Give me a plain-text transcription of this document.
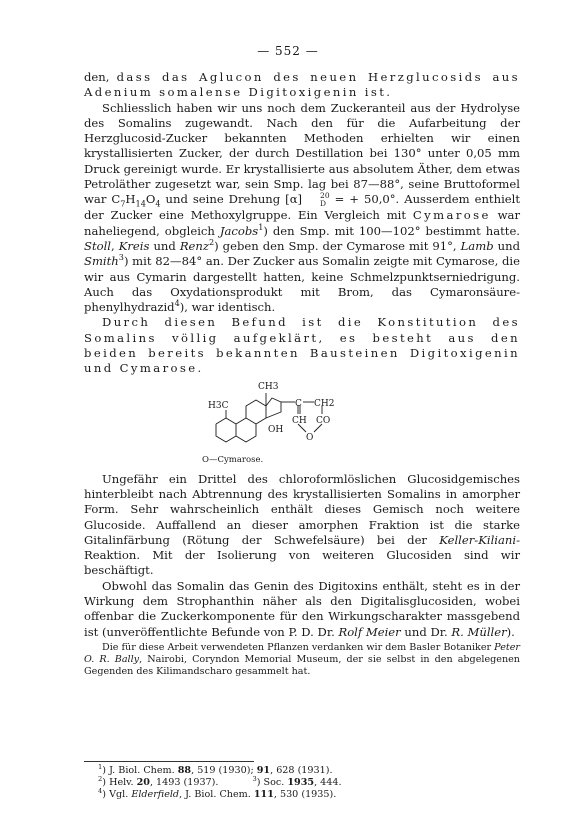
— 552 —

den, dass das Aglucon des neuen Herzglucosids aus Adenium somalense Digitoxigenin ist.

Schliesslich haben wir uns noch dem Zuckeranteil aus der Hydrolyse des Somalins zugewandt. Nach den für die Aufarbeitung der Herzglucosid-Zucker bekannten Methoden erhielten wir einen krystallisierten Zucker, der durch Destillation bei 130° unter 0,05 mm Druck gereinigt wurde. Er krystallisierte aus absolutem Äther, dem etwas Petroläther zugesetzt war, sein Smp. lag bei 87—88°, seine Bruttoformel war $C_7H_{14}O_4$ und seine Drehung [α]	20
D = + 50,0°. Ausserdem enthielt der Zucker eine Methoxylgruppe. Ein Vergleich mit Cymarose war naheliegend, obgleich Jacobs$^1$) den Smp. mit 100—102° bestimmt hatte. Stoll, Kreis und Renz$^2$) geben den Smp. der Cymarose mit 91°, Lamb und Smith$^3$) mit 82—84° an. Der Zucker aus Somalin zeigte mit Cymarose, die wir aus Cymarin dargestellt hatten, keine Schmelzpunktserniedrigung. Auch das Oxydationsprodukt mit Brom, das Cymaronsäure-phenylhydrazid$^4$), war identisch.

Durch diesen Befund ist die Konstitution des Somalins völlig aufgeklärt, es besteht aus den beiden bereits bekannten Bausteinen Digitoxigenin und Cymarose.

CH3
H3C	C CH2
CH CO
OH
O
O—Cymarose.

Ungefähr ein Drittel des chloroformlöslichen Glucosidgemisches hinterbleibt nach Abtrennung des krystallisierten Somalins in amorpher Form. Sehr wahrscheinlich enthält dieses Gemisch noch weitere Glucoside. Auffallend an dieser amorphen Fraktion ist die starke Gitalinfärbung (Rötung der Schwefelsäure) bei der Keller-Kiliani-Reaktion. Mit der Isolierung von weiteren Glucosiden sind wir beschäftigt.

Obwohl das Somalin das Genin des Digitoxins enthält, steht es in der Wirkung dem Strophanthin näher als den Digitalisglucosiden, wobei offenbar die Zuckerkomponente für den Wirkungscharakter massgebend ist (unveröffentlichte Befunde von P. D. Dr. Rolf Meier und Dr. R. Müller).

Die für diese Arbeit verwendeten Pflanzen verdanken wir dem Basler Botaniker Peter O. R. Bally, Nairobi, Coryndon Memorial Museum, der sie selbst in den abgelegenen Gegenden des Kilimandscharo gesammelt hat.

$^1$) J. Biol. Chem. 88, 519 (1930); 91, 628 (1931).
$^2$) Helv. 20, 1493 (1937).	$^3$) Soc. 1935, 444.
$^4$) Vgl. Elderfield, J. Biol. Chem. 111, 530 (1935).
